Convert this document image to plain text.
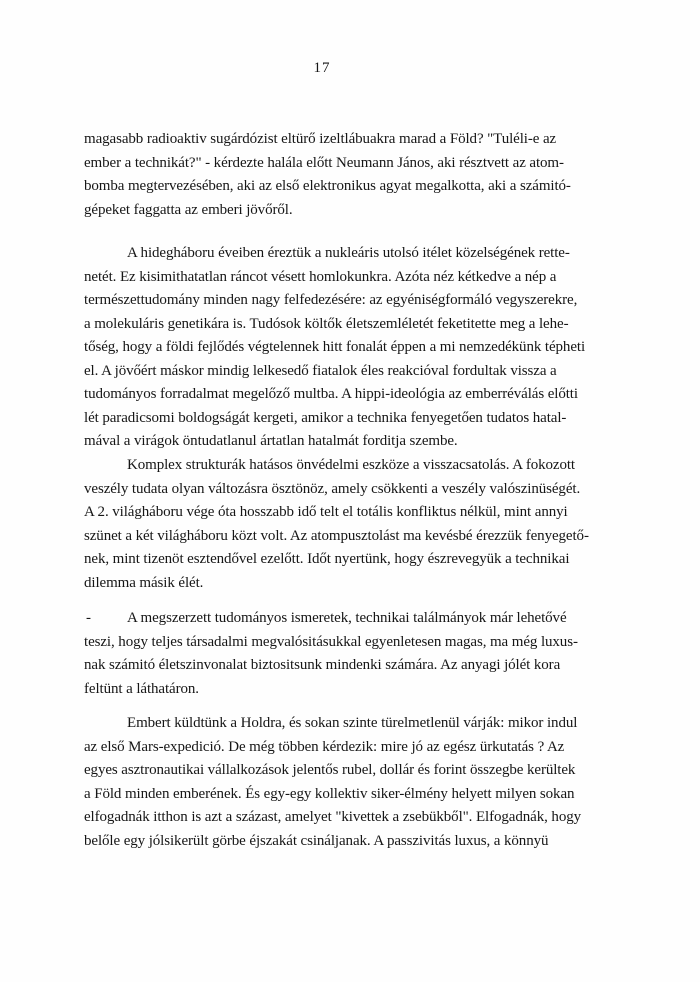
17
magasabb radioaktiv sugárdózist eltürő izeltlábuakra marad a Föld? "Tuléli-e az
ember a technikát?" - kérdezte halála előtt Neumann János, aki résztvett az atom-
bomba megtervezésében, aki az első elektronikus agyat megalkotta, aki a számitó-
gépeket faggatta az emberi jövőről.
A hidegháboru éveiben éreztük a nukleáris utolsó itélet közelségének rette-
netét. Ez kisimithatatlan ráncot vésett homlokunkra. Azóta néz kétkedve a nép a
természettudomány minden nagy felfedezésére: az egyéniségformáló vegyszerekre,
a molekuláris genetikára is. Tudósok költők életszemléletét feketitette meg a lehe-
tőség, hogy a földi fejlődés végtelennek hitt fonalát éppen a mi nemzedékünk tépheti
el. A jövőért máskor mindig lelkesedő fiatalok éles reakcióval fordultak vissza a
tudományos forradalmat megelőző multba. A hippi-ideológia az emberréválás előtti
lét paradicsomi boldogságát kergeti, amikor a technika fenyegetően tudatos hatal-
mával a virágok öntudatlanul ártatlan hatalmát forditja szembe.
Komplex strukturák hatásos önvédelmi eszköze a visszacsatolás. A fokozott
veszély tudata olyan változásra ösztönöz, amely csökkenti a veszély valószinüségét.
A 2. világháboru vége óta hosszabb idő telt el totális konfliktus nélkül, mint annyi
szünet a két világháboru közt volt. Az atompusztolást ma kevésbé érezzük fenyegető-
nek, mint tizenöt esztendővel ezelőtt. Időt nyertünk, hogy észrevegyük a technikai
dilemma másik élét.
-	A megszerzett tudományos ismeretek, technikai találmányok már lehetővé
teszi, hogy teljes társadalmi megvalósitásukkal egyenletesen magas, ma még luxus-
nak számitó életszinvonalat biztositsunk mindenki számára. Az anyagi jólét kora
feltünt a láthatáron.
Embert küldtünk a Holdra, és sokan szinte türelmetlenül várják: mikor indul
az első Mars-expedició. De még többen kérdezik: mire jó az egész ürkutatás ? Az
egyes asztronautikai vállalkozások jelentős rubel, dollár és forint összegbe kerültek
a Föld minden emberének. És egy-egy kollektiv siker-élmény helyett milyen sokan
elfogadnák itthon is azt a százast, amelyet "kivettek a zsebükből". Elfogadnák, hogy
belőle egy jólsikerült görbe éjszakát csináljanak. A passzivitás luxus, a könnyü
